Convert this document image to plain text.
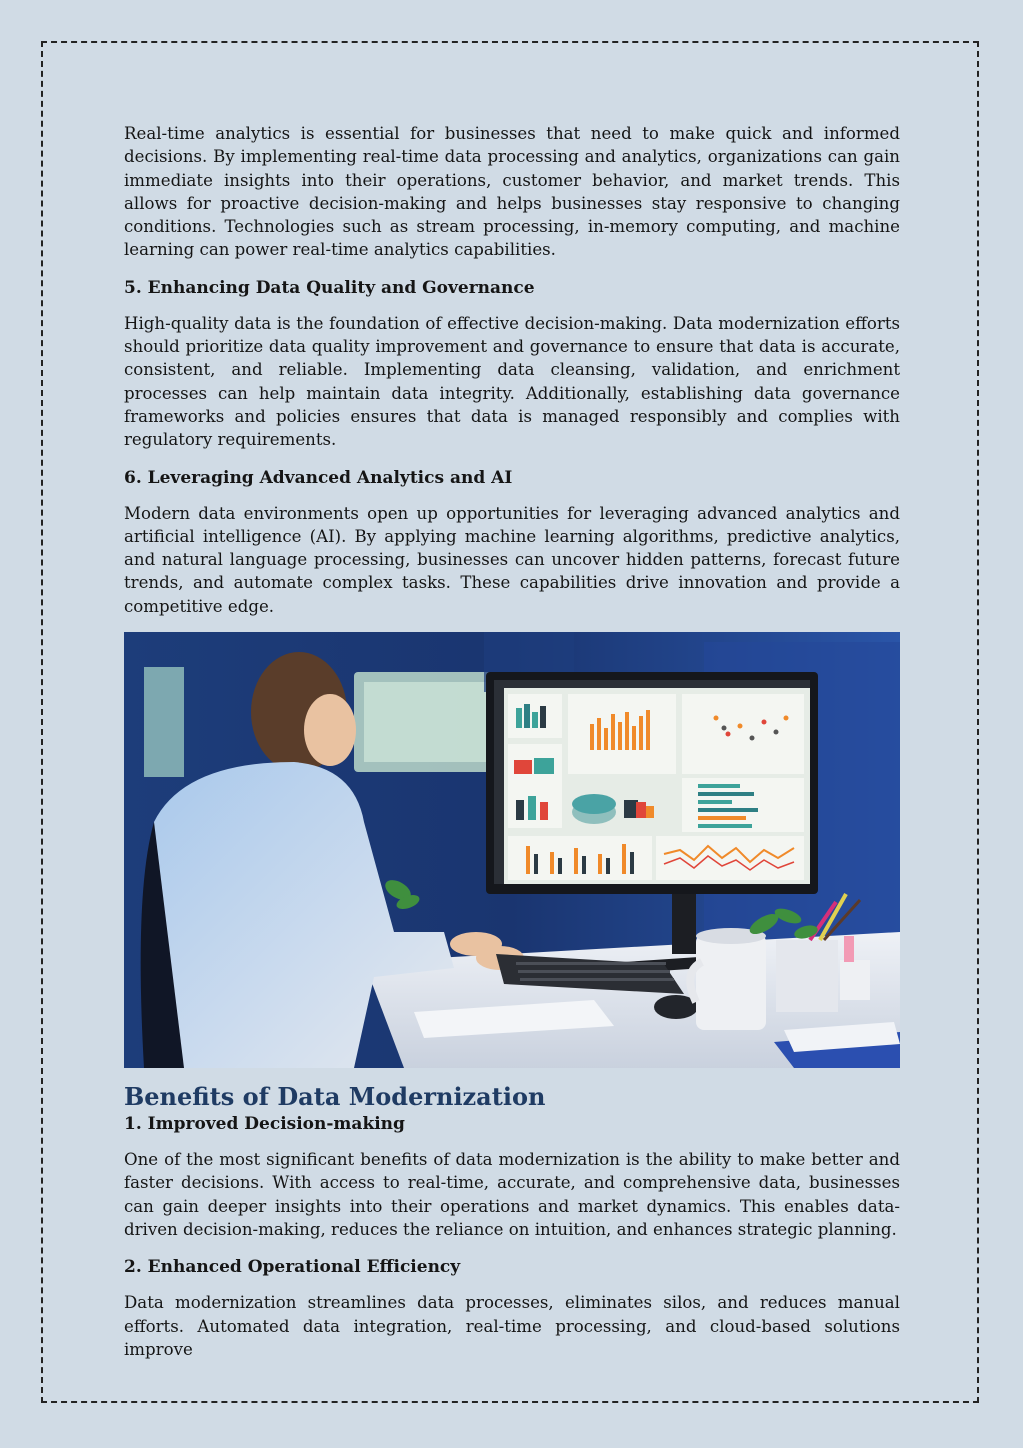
Real-time analytics is essential for businesses that need to make quick and informed decisions. By implementing real-time data processing and analytics, organizations can gain immediate insights into their operations, customer behavior, and market trends. This allows for proactive decision-making and helps businesses stay responsive to changing conditions. Technologies such as stream processing, in-memory computing, and machine learning can power real-time analytics capabilities.

5. Enhancing Data Quality and Governance

High-quality data is the foundation of effective decision-making. Data modernization efforts should prioritize data quality improvement and governance to ensure that data is accurate, consistent, and reliable. Implementing data cleansing, validation, and enrichment processes can help maintain data integrity. Additionally, establishing data governance frameworks and policies ensures that data is managed responsibly and complies with regulatory requirements.

6. Leveraging Advanced Analytics and AI

Modern data environments open up opportunities for leveraging advanced analytics and artificial intelligence (AI). By applying machine learning algorithms, predictive analytics, and natural language processing, businesses can uncover hidden patterns, forecast future trends, and automate complex tasks. These capabilities drive innovation and provide a competitive edge.

Benefits of Data Modernization
1. Improved Decision-making

One of the most significant benefits of data modernization is the ability to make better and faster decisions. With access to real-time, accurate, and comprehensive data, businesses can gain deeper insights into their operations and market dynamics. This enables data-driven decision-making, reduces the reliance on intuition, and enhances strategic planning.

2. Enhanced Operational Efficiency

Data modernization streamlines data processes, eliminates silos, and reduces manual efforts. Automated data integration, real-time processing, and cloud-based solutions improve
